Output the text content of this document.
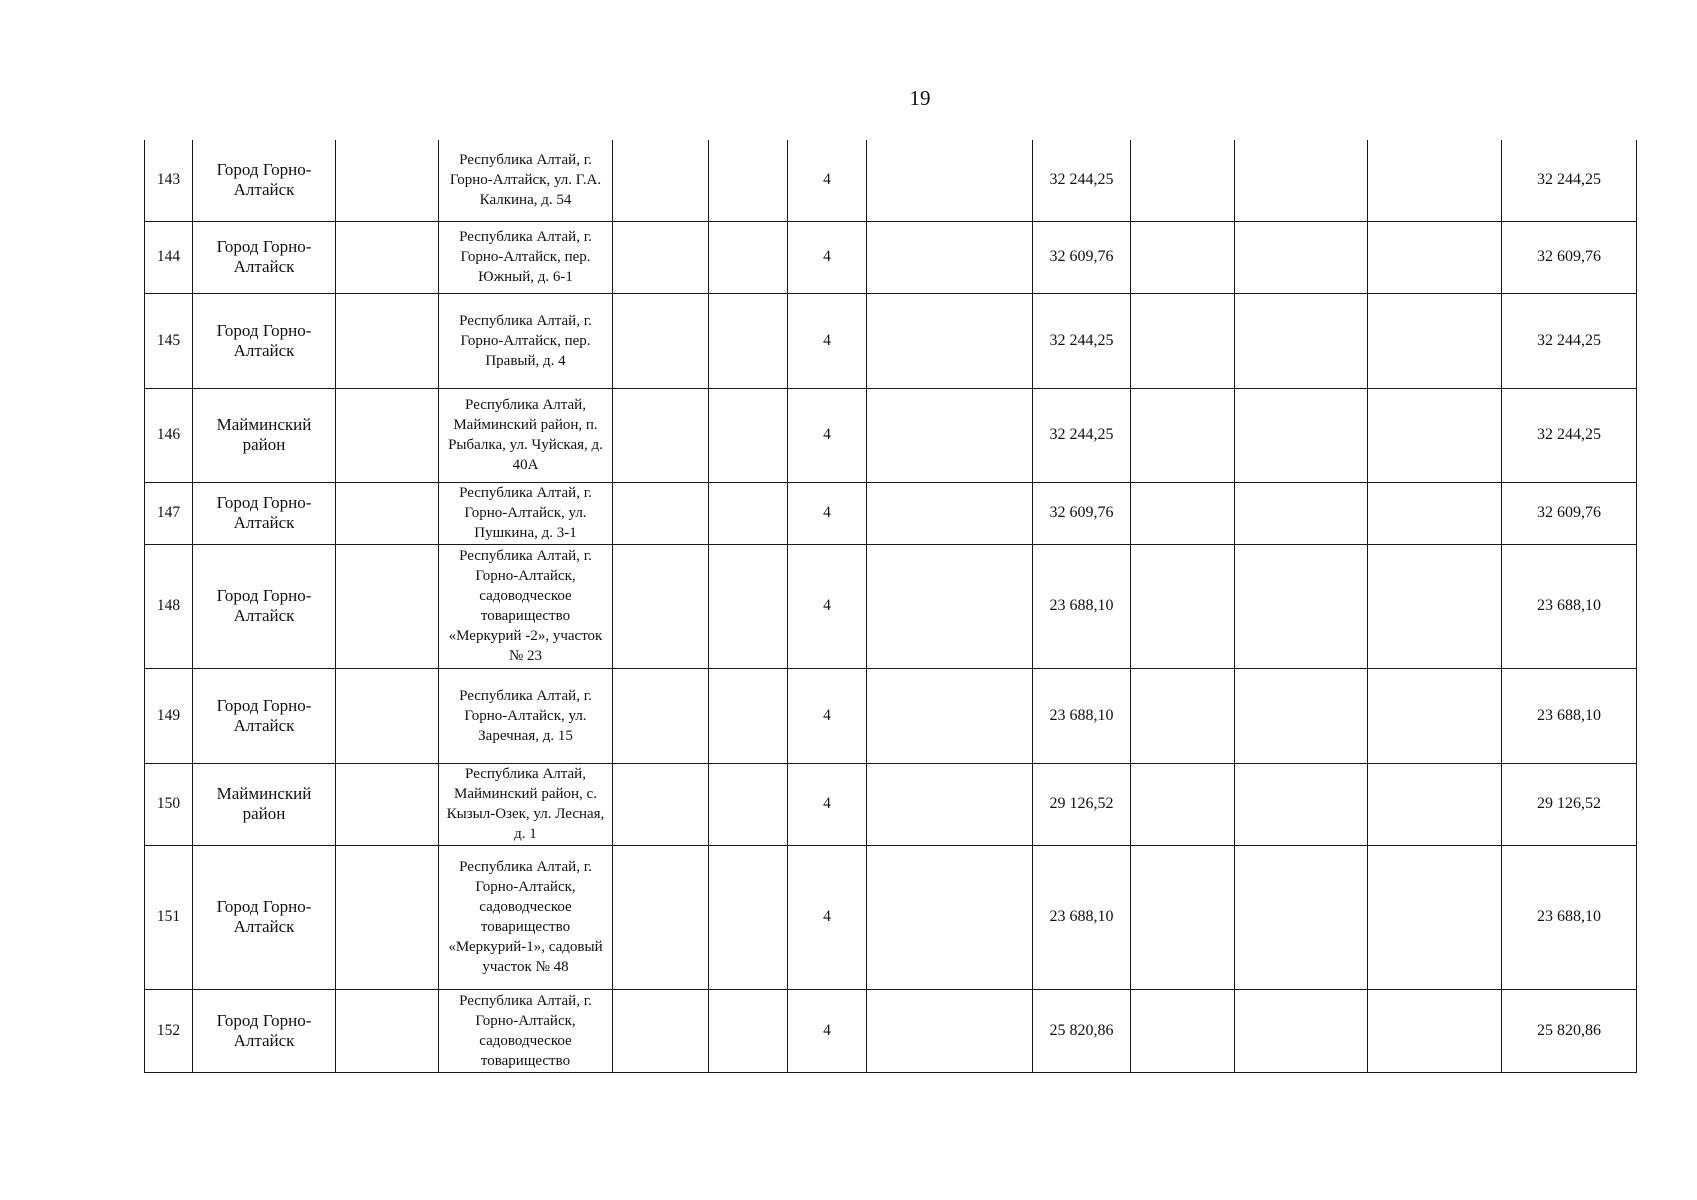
19
143	Город Горно-Алтайск		Республика Алтай, г. Горно-Алтайск, ул. Г.А. Калкина, д. 54			4		32 244,25				32 244,25
144	Город Горно-Алтайск		Республика Алтай, г. Горно-Алтайск, пер. Южный, д. 6-1			4		32 609,76				32 609,76
145	Город Горно-Алтайск		Республика Алтай, г. Горно-Алтайск, пер. Правый, д. 4			4		32 244,25				32 244,25
146	Майминский район		Республика Алтай, Майминский район, п. Рыбалка, ул. Чуйская, д. 40А			4		32 244,25				32 244,25
147	Город Горно-Алтайск		Республика Алтай, г. Горно-Алтайск, ул. Пушкина, д. 3-1			4		32 609,76				32 609,76
148	Город Горно-Алтайск		Республика Алтай, г. Горно-Алтайск, садоводческое товарищество «Меркурий -2», участок № 23			4		23 688,10				23 688,10
149	Город Горно-Алтайск		Республика Алтай, г. Горно-Алтайск, ул. Заречная, д. 15			4		23 688,10				23 688,10
150	Майминский район		Республика Алтай, Майминский район, с. Кызыл-Озек, ул. Лесная, д. 1			4		29 126,52				29 126,52
151	Город Горно-Алтайск		Республика Алтай, г. Горно-Алтайск, садоводческое товарищество «Меркурий-1», садовый участок № 48			4		23 688,10				23 688,10
152	Город Горно-Алтайск		Республика Алтай, г. Горно-Алтайск, садоводческое товарищество			4		25 820,86				25 820,86
